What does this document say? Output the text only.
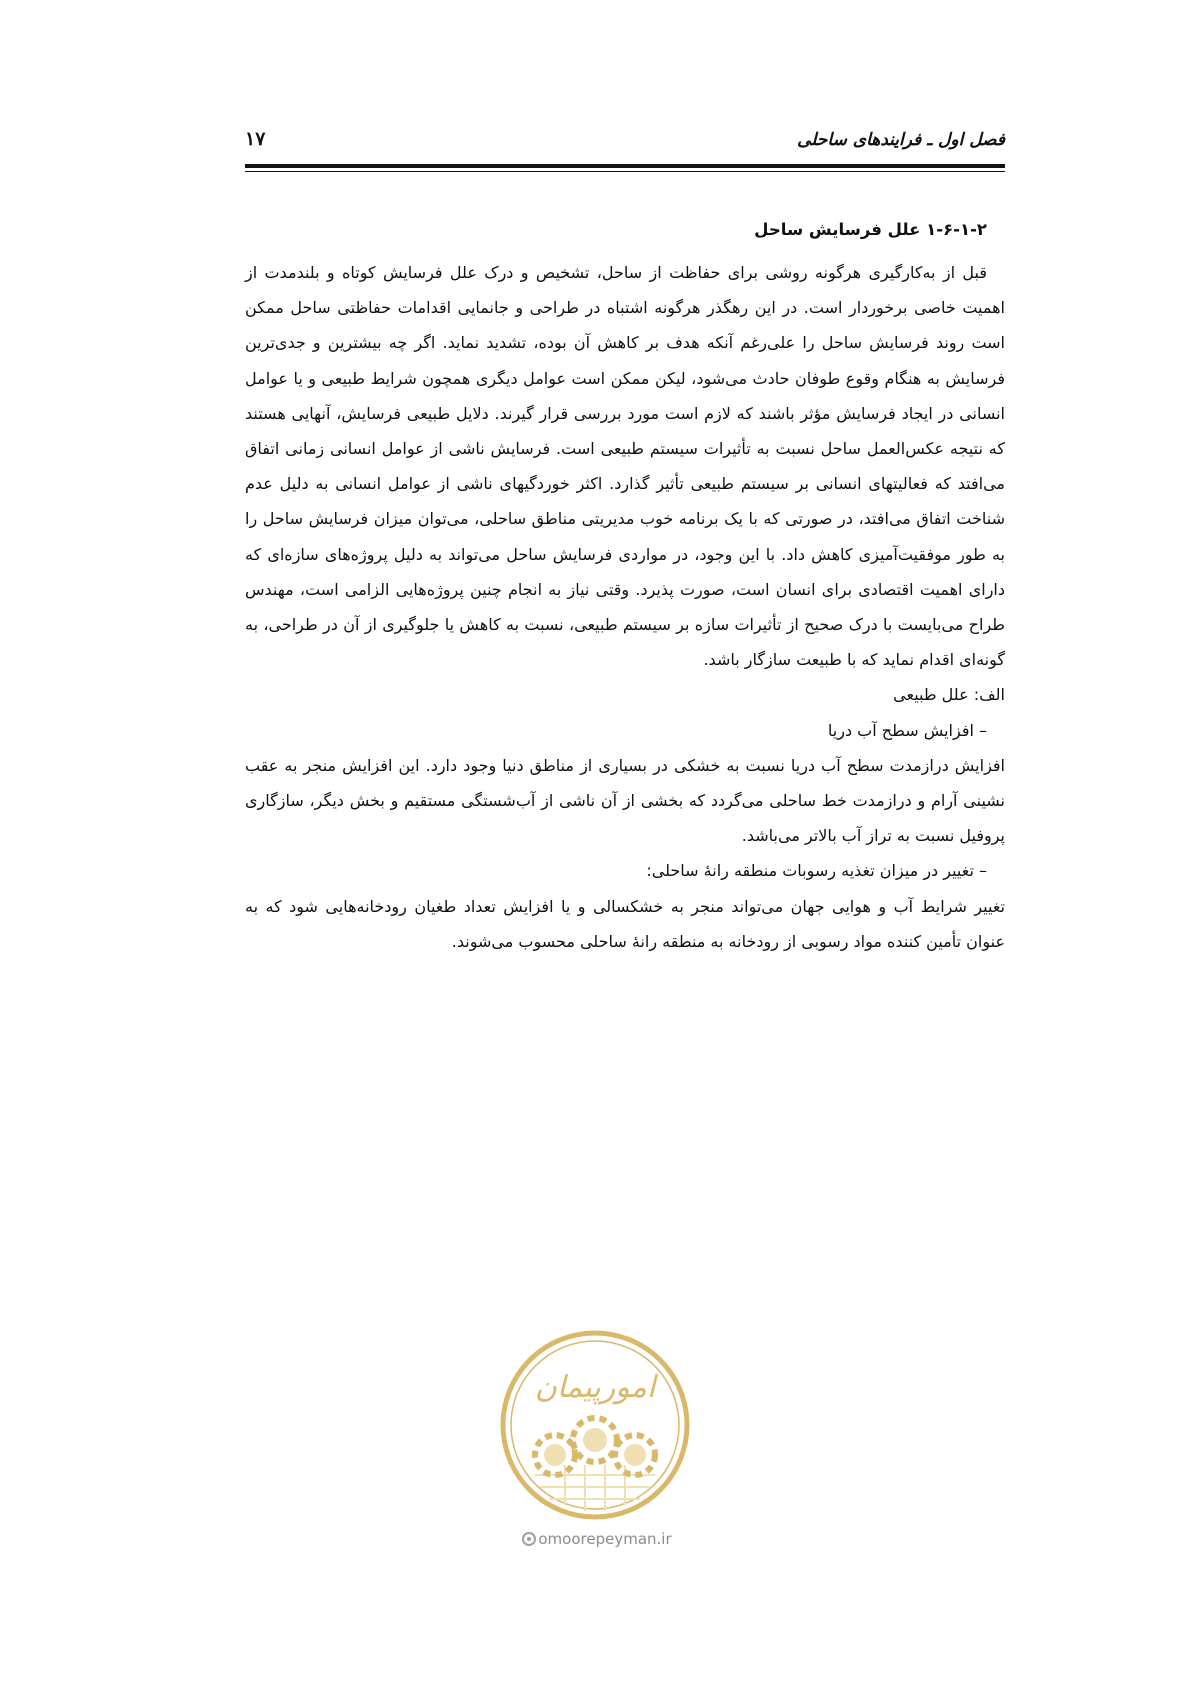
فصل اول ـ فرایندهای ساحلی
۱۷
۱-۶-۱-۲ علل فرسایش ساحل

قبل از به‌کارگیری هرگونه روشی برای حفاظت از ساحل، تشخیص و درک علل فرسایش کوتاه و بلندمدت از اهمیت خاصی برخوردار است. در این رهگذر هرگونه اشتباه در طراحی و جانمایی اقدامات حفاظتی ساحل ممکن است روند فرسایش ساحل را علی‌رغم آنکه هدف بر کاهش آن بوده، تشدید نماید. اگر چه بیشترین و جدی‌ترین فرسایش به هنگام وقوع طوفان حادث می‌شود، لیکن ممکن است عوامل دیگری همچون شرایط طبیعی و یا عوامل انسانی در ایجاد فرسایش مؤثر باشند که لازم است مورد بررسی قرار گیرند. دلایل طبیعی فرسایش، آنهایی هستند که نتیجه عکس‌العمل ساحل نسبت به تأثیرات سیستم طبیعی است. فرسایش ناشی از عوامل انسانی زمانی اتفاق می‌افتد که فعالیتهای انسانی بر سیستم طبیعی تأثیر گذارد. اکثر خوردگیهای ناشی از عوامل انسانی به دلیل عدم شناخت اتفاق می‌افتد، در صورتی که با یک برنامه خوب مدیریتی مناطق ساحلی، می‌توان میزان فرسایش ساحل را به طور موفقیت‌آمیزی کاهش داد. با این وجود، در مواردی فرسایش ساحل می‌تواند به دلیل پروژه‌های سازه‌ای که دارای اهمیت اقتصادی برای انسان است، صورت پذیرد. وقتی نیاز به انجام چنین پروژه‌هایی الزامی است، مهندس طراح می‌بایست با درک صحیح از تأثیرات سازه بر سیستم طبیعی، نسبت به کاهش یا جلوگیری از آن در طراحی، به گونه‌ای اقدام نماید که با طبیعت سازگار باشد.

الف: علل طبیعی

– افزایش سطح آب دریا

افزایش درازمدت سطح آب دریا نسبت به خشکی در بسیاری از مناطق دنیا وجود دارد. این افزایش منجر به عقب نشینی آرام و درازمدت خط ساحلی می‌گردد که بخشی از آن ناشی از آب‌شستگی مستقیم و بخش دیگر، سازگاری پروفیل نسبت به تراز آب بالاتر می‌باشد.

– تغییر در میزان تغذیه رسوبات منطقه رانهٔ ساحلی:

تغییر شرایط آب و هوایی جهان می‌تواند منجر به خشکسالی و یا افزایش تعداد طغیان رودخانه‌هایی شود که به عنوان تأمین کننده مواد رسوبی از رودخانه به منطقه رانهٔ ساحلی محسوب می‌شوند.

امورپیمان
omoorepeyman.ir
